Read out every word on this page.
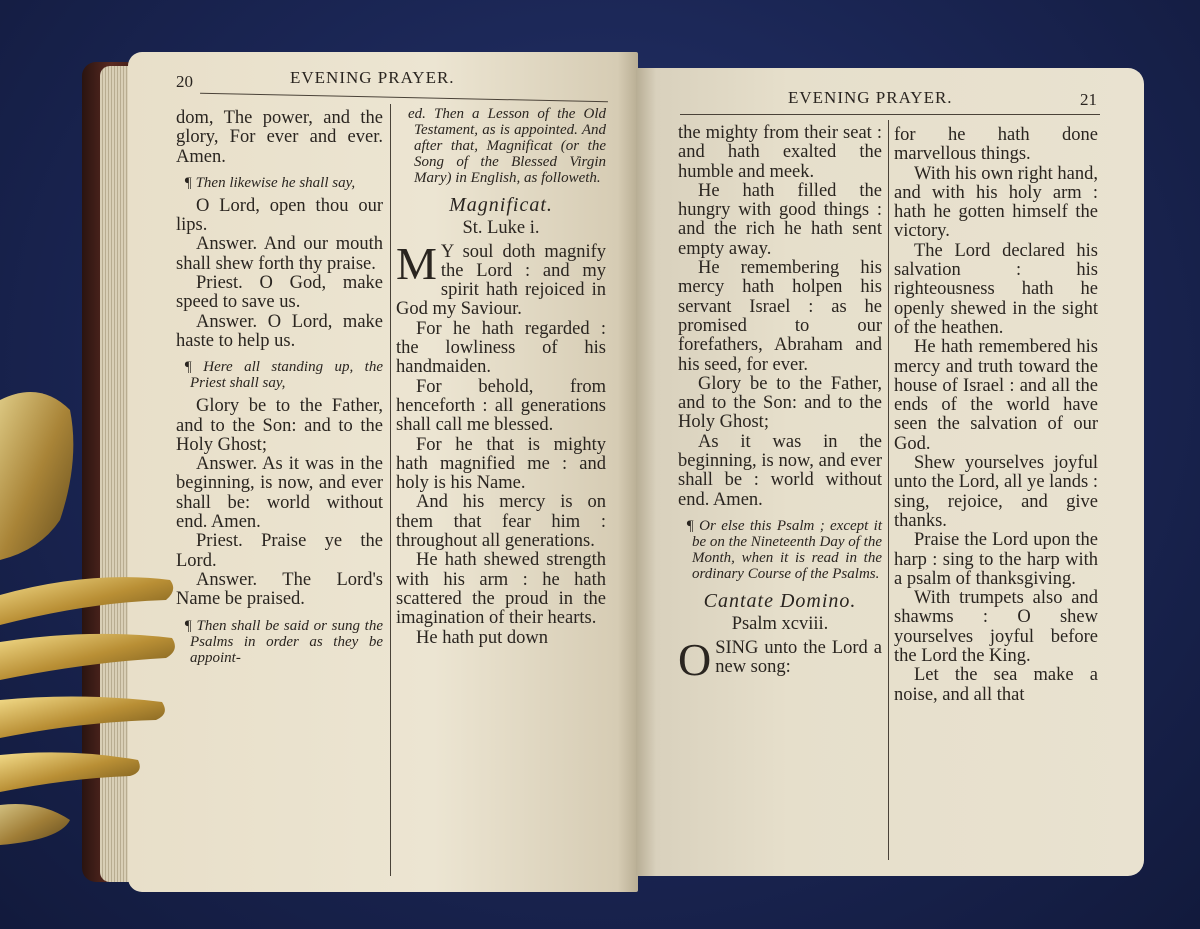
20	EVENING PRAYER.

dom, The power, and the glory, For ever and ever. Amen.

¶ Then likewise he shall say,

O Lord, open thou our lips.

Answer. And our mouth shall shew forth thy praise.

Priest. O God, make speed to save us.

Answer. O Lord, make haste to help us.

¶ Here all standing up, the Priest shall say,

Glory be to the Father, and to the Son: and to the Holy Ghost;

Answer. As it was in the beginning, is now, and ever shall be: world without end. Amen.

Priest. Praise ye the Lord.

Answer. The Lord's Name be praised.

¶ Then shall be said or sung the Psalms in order as they be appoint-

ed. Then a Lesson of the Old Testament, as is appointed. And after that, Magnificat (or the Song of the Blessed Virgin Mary) in English, as followeth.

Magnificat.

St. Luke i.

M Y soul doth magnify the Lord : and my spirit hath rejoiced in God my Saviour.

For he hath regarded : the lowliness of his handmaiden.

For behold, from henceforth : all generations shall call me blessed.

For he that is mighty hath magnified me : and holy is his Name.

And his mercy is on them that fear him : throughout all generations.

He hath shewed strength with his arm : he hath scattered the proud in the imagination of their hearts.

He hath put down

EVENING PRAYER.	21

the mighty from their seat : and hath exalted the humble and meek.

He hath filled the hungry with good things : and the rich he hath sent empty away.

He remembering his mercy hath holpen his servant Israel : as he promised to our forefathers, Abraham and his seed, for ever.

Glory be to the Father, and to the Son: and to the Holy Ghost;

As it was in the beginning, is now, and ever shall be : world without end. Amen.

¶ Or else this Psalm ; except it be on the Nineteenth Day of the Month, when it is read in the ordinary Course of the Psalms.

Cantate Domino.

Psalm xcviii.

OSING unto the Lord a new song:

for he hath done marvellous things.

With his own right hand, and with his holy arm : hath he gotten himself the victory.

The Lord declared his salvation : his righteousness hath he openly shewed in the sight of the heathen.

He hath remembered his mercy and truth toward the house of Israel : and all the ends of the world have seen the salvation of our God.

Shew yourselves joyful unto the Lord, all ye lands : sing, rejoice, and give thanks.

Praise the Lord upon the harp : sing to the harp with a psalm of thanksgiving.

With trumpets also and shawms : O shew yourselves joyful before the Lord the King.

Let the sea make a noise, and all that
